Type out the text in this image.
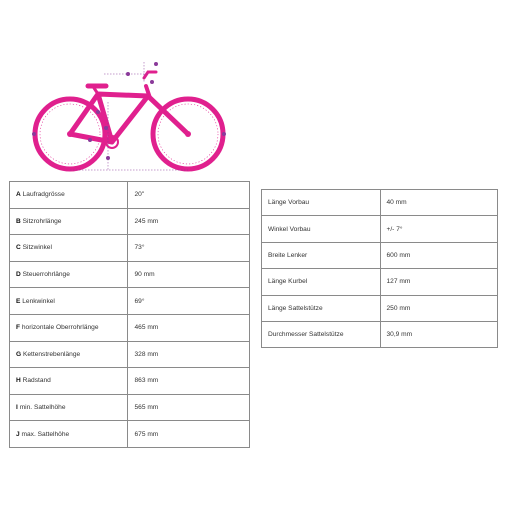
A Laufradgrösse	20"
B Sitzrohrlänge	245 mm
C Sitzwinkel	73°
D Steuerrohrlänge	90 mm
E Lenkwinkel	69°
F horizontale Oberrohrlänge	465 mm
G Kettenstrebenlänge	328 mm
H Radstand	863 mm
I min. Sattelhöhe	565 mm
J max. Sattelhöhe	675 mm
Länge Vorbau	40 mm
Winkel Vorbau	+/- 7°
Breite Lenker	600 mm
Länge Kurbel	127 mm
Länge Sattelstütze	250 mm
Durchmesser Sattelstütze	30,9 mm
